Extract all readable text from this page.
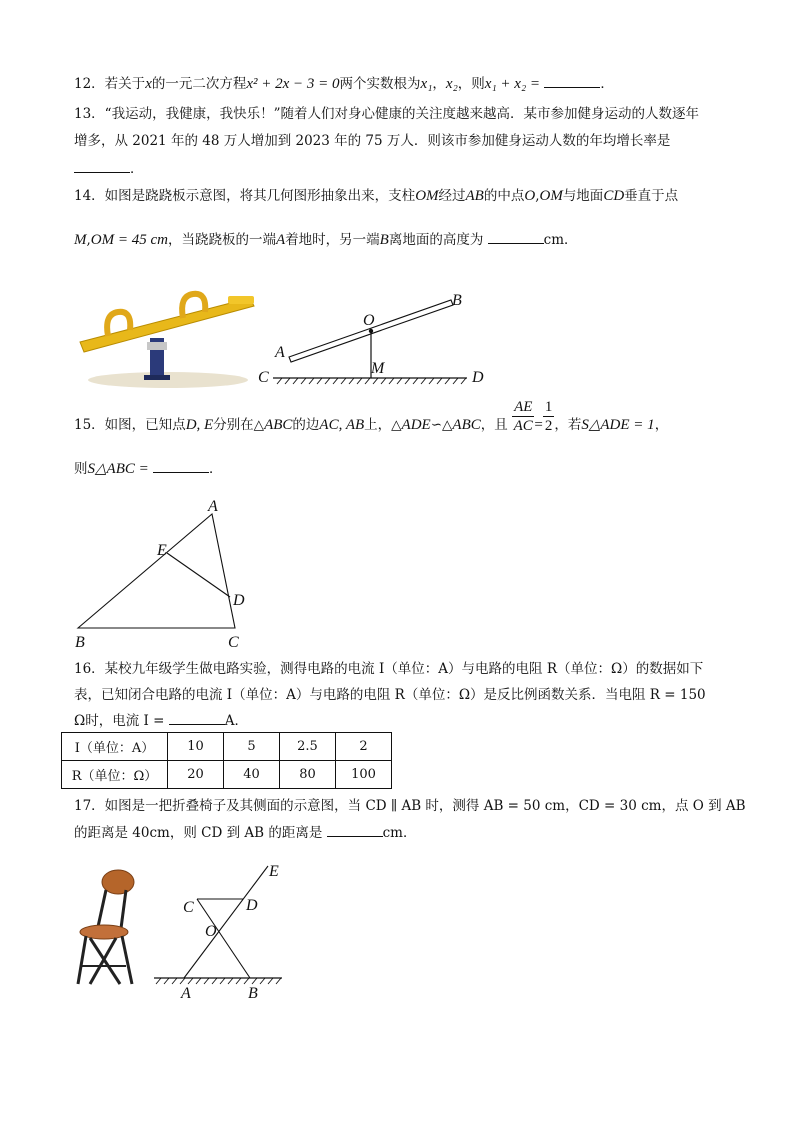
12．若关于x的一元二次方程x² + 2x − 3 = 0两个实数根为x₁，x₂，则x₁ + x₂ =	．
13．“我运动，我健康，我快乐！”随着人们对身心健康的关注度越来越高．某市参加健身运动的人数逐年
增多，从 2021 年的 48 万人增加到 2023 年的 75 万人．则该市参加健身运动人数的年均增长率是
．
14．如图是跷跷板示意图，将其几何图形抽象出来，支柱OM经过AB的中点O,OM与地面CD垂直于点
M,OM = 45 cm，当跷跷板的一端A着地时，另一端B离地面的高度为	cm．
A
B
O
M
C	D
15．如图，已知点D, E分别在△ABC的边AC, AB上，△ADE∽△ABC，且 $\frac{AE}{AC} = \frac{1}{2}$ ，若S△ADE = 1，
则S△ABC =	．
A
B	C
D
E
16．某校九年级学生做电路实验，测得电路的电流 I（单位：A）与电路的电阻 R（单位：Ω）的数据如下
表，已知闭合电路的电流 I（单位：A）与电路的电阻 R（单位：Ω）是反比例函数关系．当电阻 R = 150
Ω时，电流 I =	A．
I（单位：A）	10	5	2.5	2
R（单位：Ω）	20	40	80	100
17．如图是一把折叠椅子及其侧面的示意图，当 CD ∥ AB 时，测得 AB = 50 cm，CD = 30 cm，点 O 到 AB
的距离是 40cm，则 CD 到 AB 的距离是	cm．
C	D
E
O
A	B
